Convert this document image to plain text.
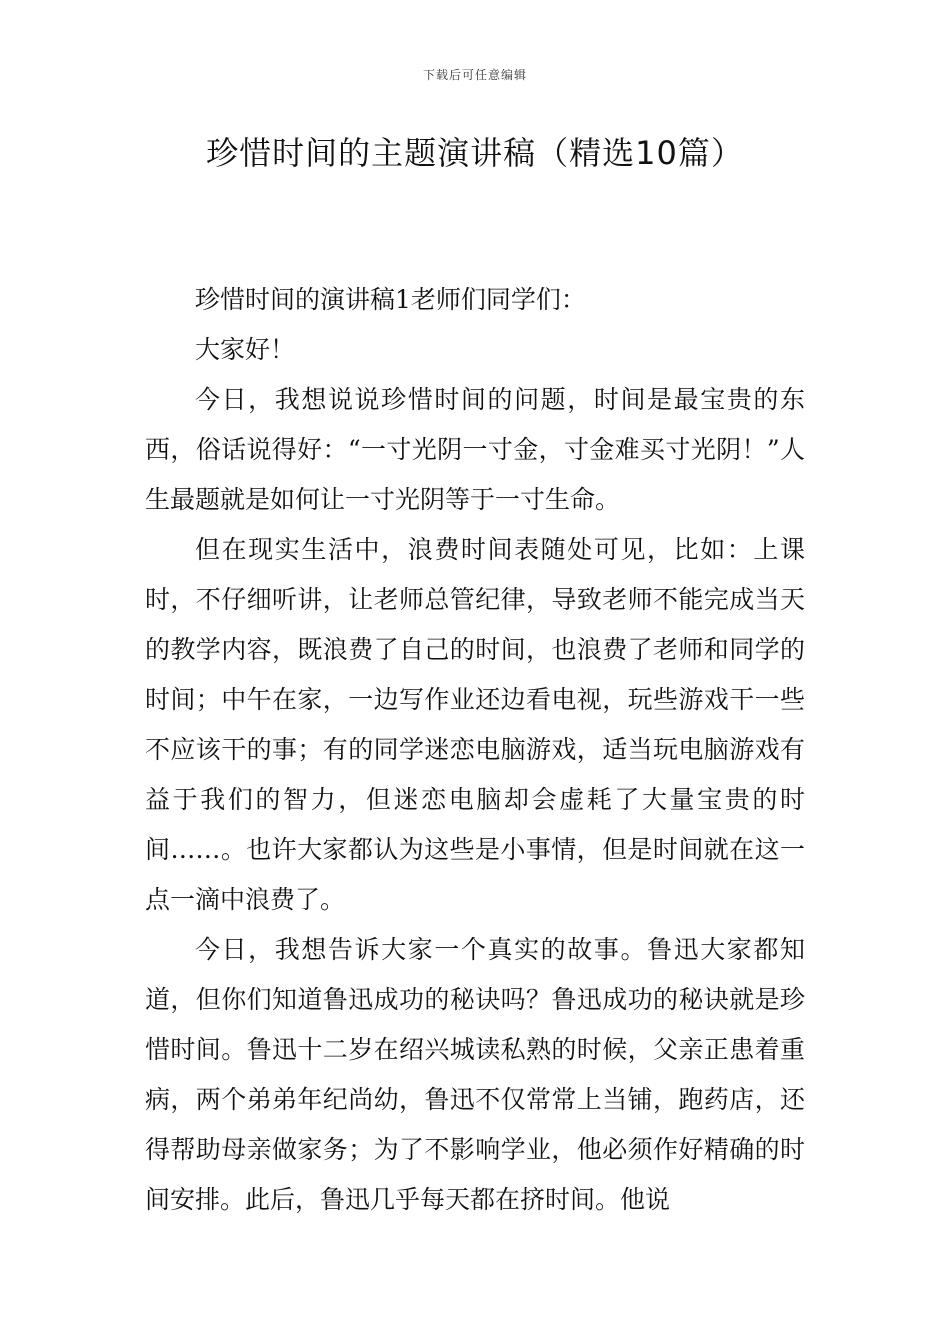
下载后可任意编辑
珍惜时间的主题演讲稿（精选10篇）

珍惜时间的演讲稿1老师们同学们：

大家好！

今日，我想说说珍惜时间的问题，时间是最宝贵的东西，俗话说得好：“一寸光阴一寸金，寸金难买寸光阴！”人生最题就是如何让一寸光阴等于一寸生命。

但在现实生活中，浪费时间表随处可见，比如：上课时，不仔细听讲，让老师总管纪律，导致老师不能完成当天的教学内容，既浪费了自己的时间，也浪费了老师和同学的时间；中午在家，一边写作业还边看电视，玩些游戏干一些不应该干的事；有的同学迷恋电脑游戏，适当玩电脑游戏有益于我们的智力，但迷恋电脑却会虚耗了大量宝贵的时间……。也许大家都认为这些是小事情，但是时间就在这一点一滴中浪费了。

今日，我想告诉大家一个真实的故事。鲁迅大家都知道，但你们知道鲁迅成功的秘诀吗？鲁迅成功的秘诀就是珍惜时间。鲁迅十二岁在绍兴城读私熟的时候，父亲正患着重病，两个弟弟年纪尚幼，鲁迅不仅常常上当铺，跑药店，还得帮助母亲做家务；为了不影响学业，他必须作好精确的时间安排。此后，鲁迅几乎每天都在挤时间。他说
